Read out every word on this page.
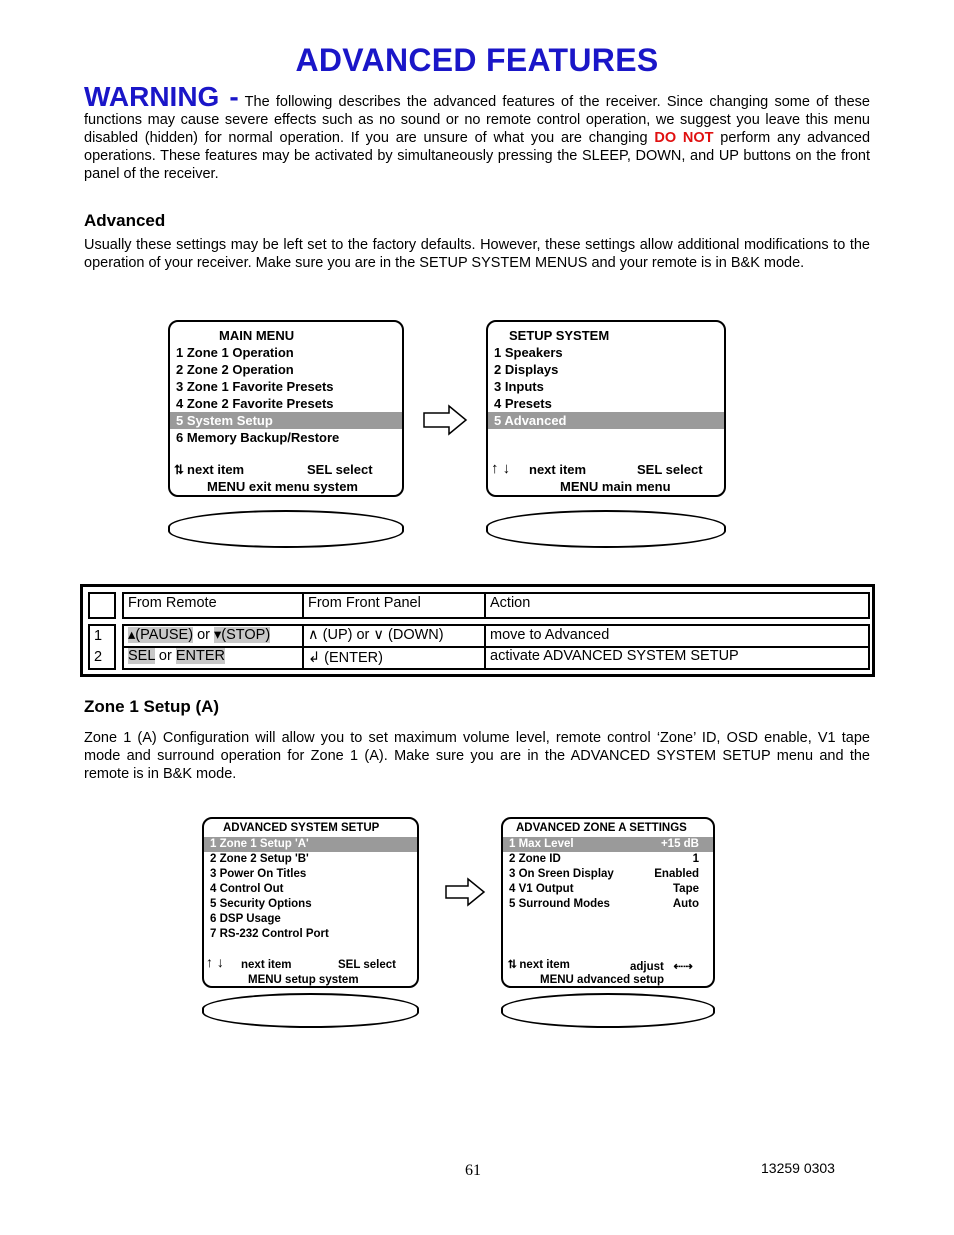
ADVANCED FEATURES
WARNING - The following describes the advanced features of the receiver. Since changing some of these functions may cause severe effects such as no sound or no remote control operation, we suggest you leave this menu disabled (hidden) for normal operation. If you are unsure of what you are changing DO NOT perform any advanced operations. These features may be activated by simultaneously pressing the SLEEP, DOWN, and UP buttons on the front panel of the receiver.
Advanced
Usually these settings may be left set to the factory defaults. However, these settings allow additional modifications to the operation of your receiver. Make sure you are in the SETUP SYSTEM MENUS and your remote is in B&K mode.
MAIN MENU
1 Zone 1 Operation
2 Zone 2 Operation
3 Zone 1 Favorite Presets
4 Zone 2 Favorite Presets
5 System Setup
6 Memory Backup/Restore
⮁ next item	SEL select
MENU exit menu system
SETUP SYSTEM
1 Speakers
2 Displays
3 Inputs
4 Presets
5 Advanced
↑ ↓ next item	SEL select
MENU main menu
From Remote	From Front Panel	Action
1
2
▴(PAUSE) or ▾(STOP)	∧ (UP) or ∨ (DOWN)	move to Advanced
SEL or ENTER	↲ (ENTER)	activate ADVANCED SYSTEM SETUP
Zone 1 Setup (A)
Zone 1 (A) Configuration will allow you to set maximum volume level, remote control ‘Zone’ ID, OSD enable, V1 tape mode and surround operation for Zone 1 (A). Make sure you are in the ADVANCED SYSTEM SETUP menu and the remote is in B&K mode.
ADVANCED SYSTEM SETUP
1 Zone 1 Setup 'A'
2 Zone 2 Setup 'B'
3 Power On Titles
4 Control Out
5 Security Options
6 DSP Usage
7 RS-232 Control Port
↑ ↓ next item	SEL select
MENU setup system
ADVANCED ZONE A SETTINGS
1 Max Level	+15 dB
2 Zone ID	1
3 On Sreen Display	Enabled
4 V1 Output	Tape
5 Surround Modes	Auto
⮁ next item	adjust   ⇠⇢
MENU advanced setup
61	13259 0303
